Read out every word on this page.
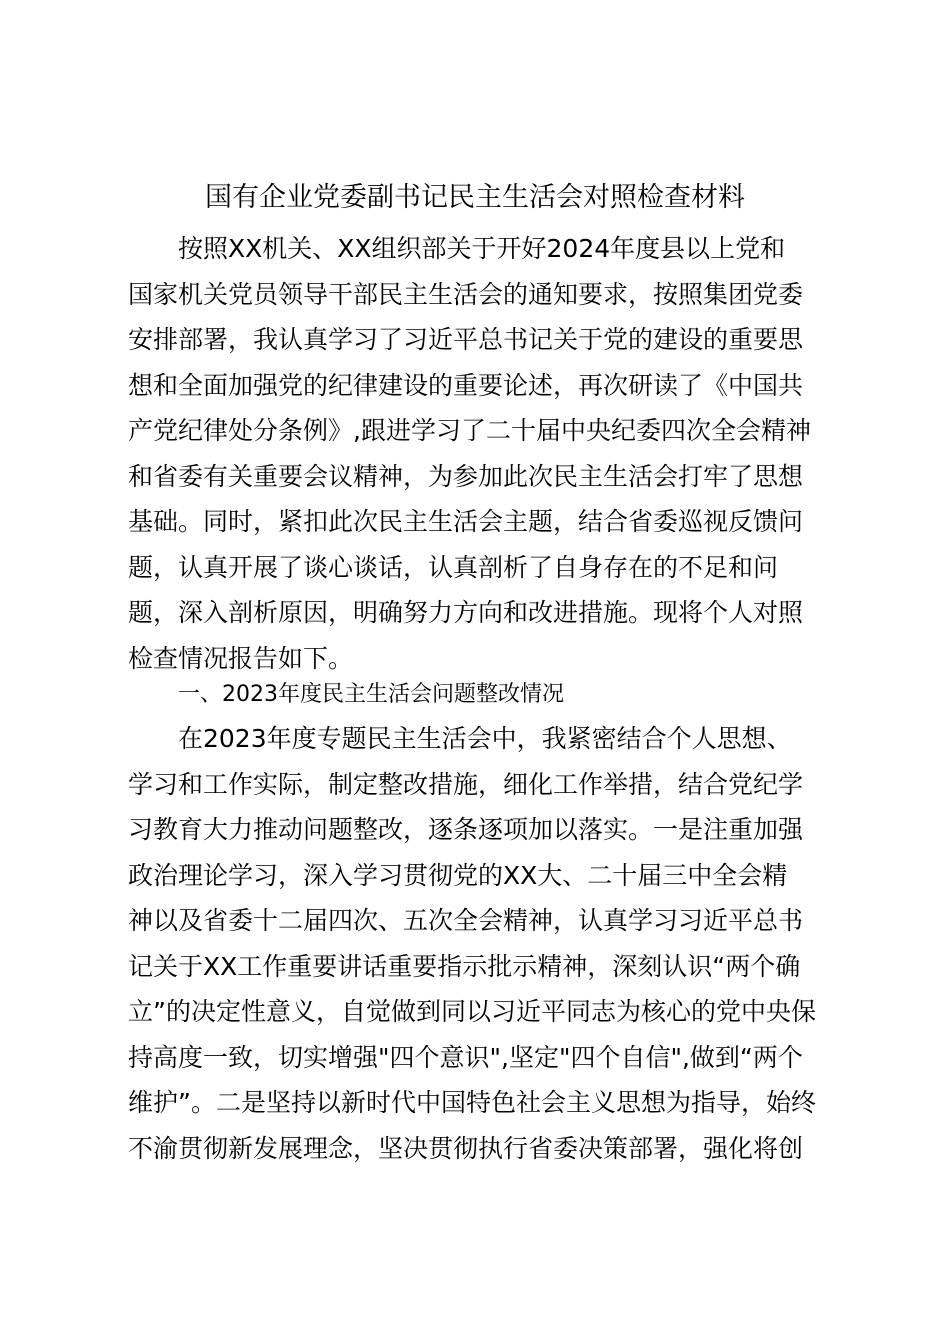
国有企业党委副书记民主生活会对照检查材料
按照XX机关、XX组织部关于开好2024年度县以上党和
国家机关党员领导干部民主生活会的通知要求，按照集团党委
安排部署，我认真学习了习近平总书记关于党的建设的重要思
想和全面加强党的纪律建设的重要论述，再次研读了《中国共
产党纪律处分条例》,跟进学习了二十届中央纪委四次全会精神
和省委有关重要会议精神，为参加此次民主生活会打牢了思想
基础。同时，紧扣此次民主生活会主题，结合省委巡视反馈问
题，认真开展了谈心谈话，认真剖析了自身存在的不足和问
题，深入剖析原因，明确努力方向和改进措施。现将个人对照
检查情况报告如下。
一、2023年度民主生活会问题整改情况
在2023年度专题民主生活会中，我紧密结合个人思想、
学习和工作实际，制定整改措施，细化工作举措，结合党纪学
习教育大力推动问题整改，逐条逐项加以落实。一是注重加强
政治理论学习，深入学习贯彻党的XX大、二十届三中全会精
神以及省委十二届四次、五次全会精神，认真学习习近平总书
记关于XX工作重要讲话重要指示批示精神，深刻认识“两个确
立”的决定性意义，自觉做到同以习近平同志为核心的党中央保
持高度一致，切实增强"四个意识",坚定"四个自信",做到“两个
维护”。二是坚持以新时代中国特色社会主义思想为指导，始终
不渝贯彻新发展理念，坚决贯彻执行省委决策部署，强化将创
